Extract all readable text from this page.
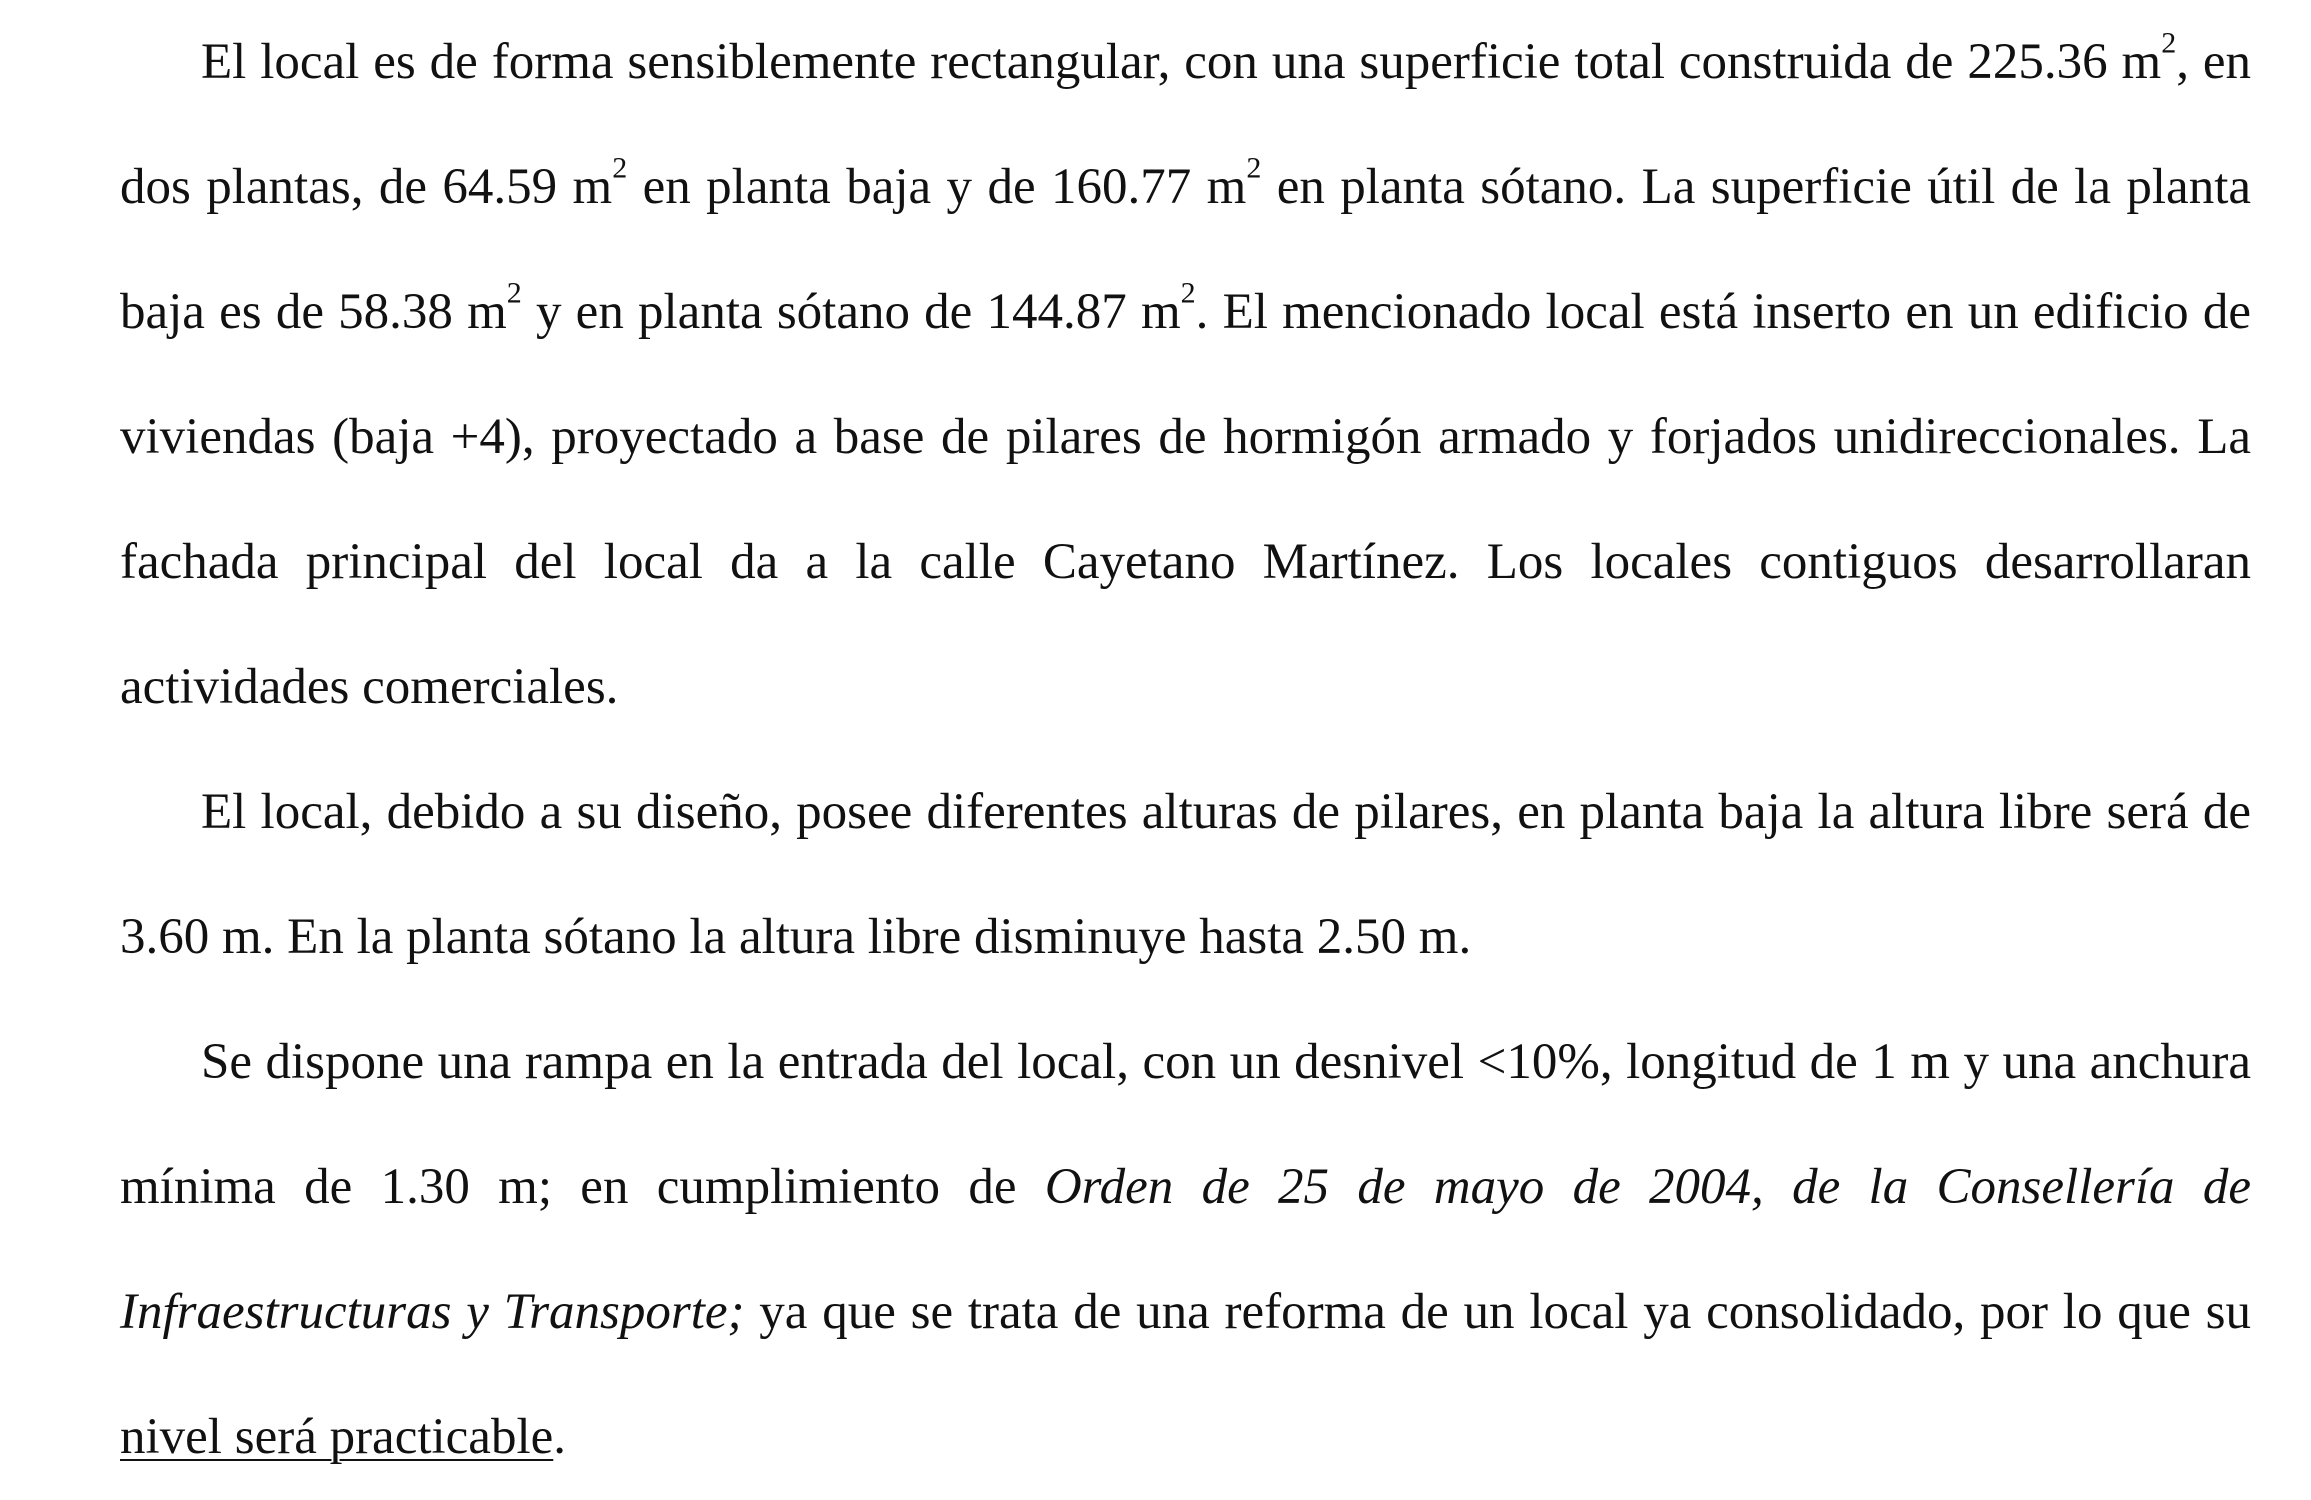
El local es de forma sensiblemente rectangular, con una superficie total construida de 225.36 $m^2$, en dos plantas, de 64.59 $m^2$ en planta baja y de 160.77 $m^2$ en planta sótano. La superficie útil de la planta baja es de 58.38 $m^2$ y en planta sótano de 144.87 $m^2$. El mencionado local está inserto en un edificio de viviendas (baja +4), proyectado a base de pilares de hormigón armado y forjados unidireccionales. La fachada principal del local da a la calle Cayetano Martínez. Los locales contiguos desarrollaran actividades comerciales.

El local, debido a su diseño, posee diferentes alturas de pilares, en planta baja la altura libre será de 3.60 m. En la planta sótano la altura libre disminuye hasta 2.50 m.

Se dispone una rampa en la entrada del local, con un desnivel <10%, longitud de 1 m y una anchura mínima de 1.30 m; en cumplimiento de Orden de 25 de mayo de 2004, de la Consellería de Infraestructuras y Transporte; ya que se trata de una reforma de un local ya consolidado, por lo que su nivel será practicable.
